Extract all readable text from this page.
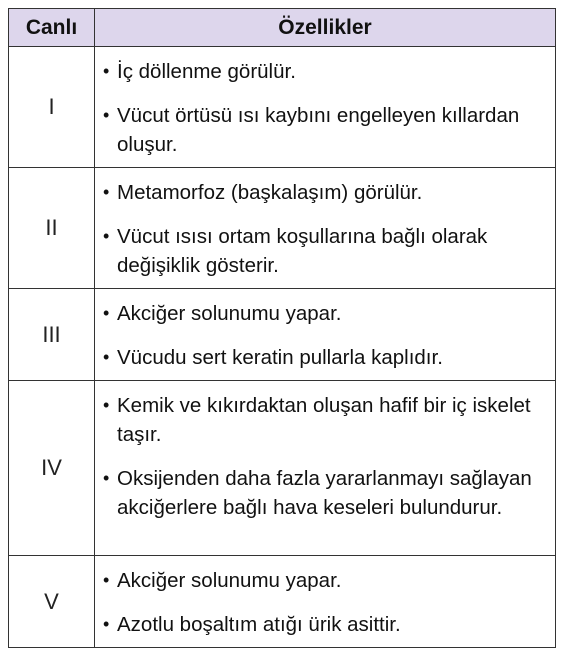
Canlı	Özellikler
I	• İç döllenme görülür.
• Vücut örtüsü ısı kaybını engelleyen kıllardan oluşur.

II	• Metamorfoz (başkalaşım) görülür.
• Vücut ısısı ortam koşullarına bağlı olarak değişiklik gösterir.

III	• Akciğer solunumu yapar.
• Vücudu sert keratin pullarla kaplıdır.

IV	• Kemik ve kıkırdaktan oluşan hafif bir iç iskelet taşır.
• Oksijenden daha fazla yararlanmayı sağlayan akciğerlere bağlı hava keseleri bulundurur.

V	• Akciğer solunumu yapar.
• Azotlu boşaltım atığı ürik asittir.
